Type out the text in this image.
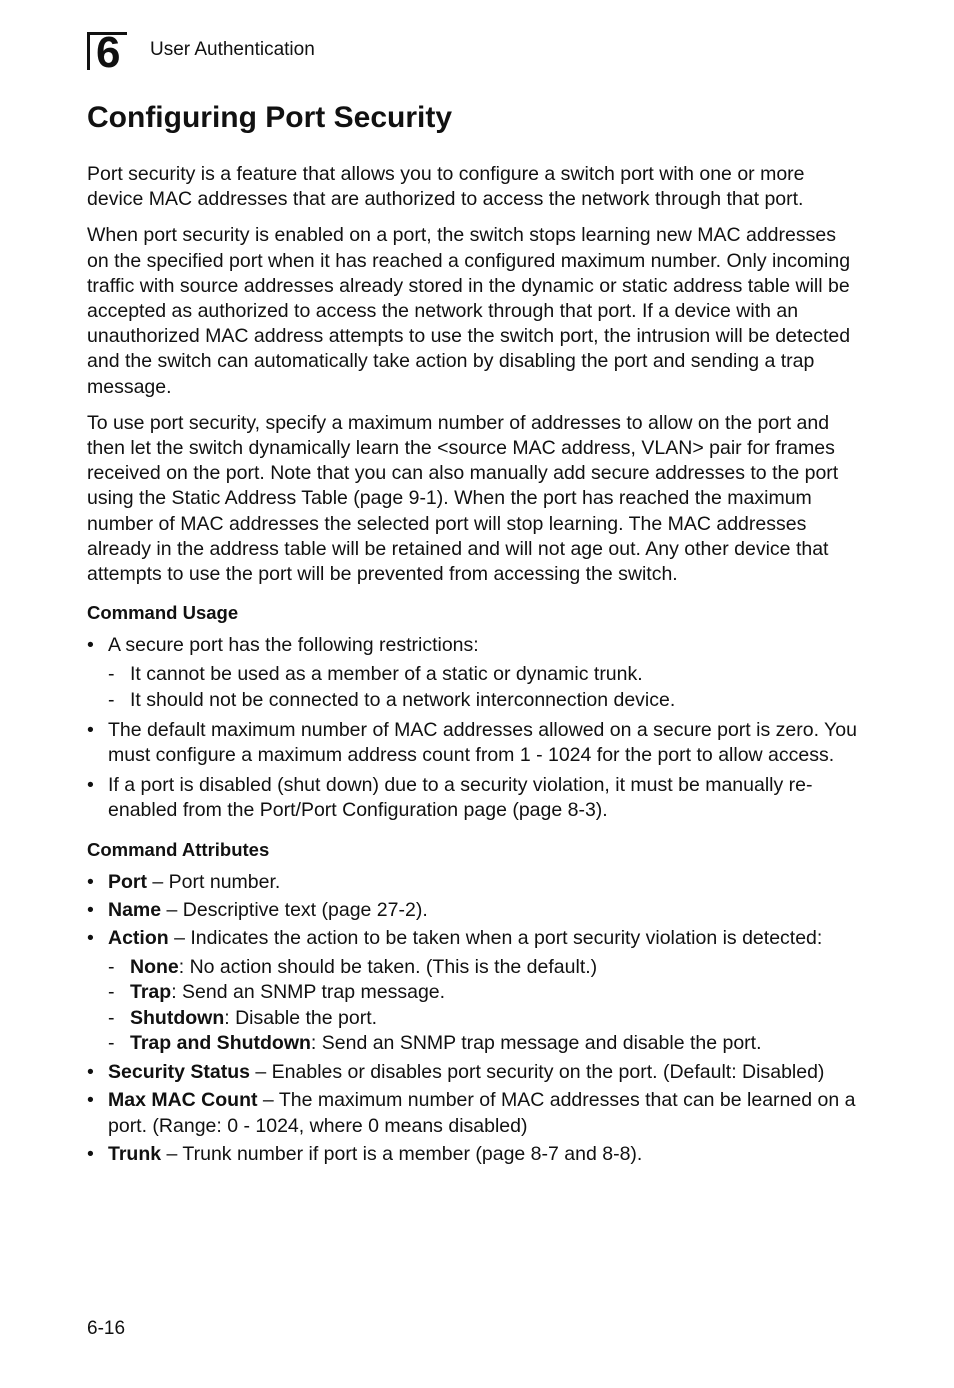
6 User Authentication
Configuring Port Security

Port security is a feature that allows you to configure a switch port with one or more device MAC addresses that are authorized to access the network through that port.

When port security is enabled on a port, the switch stops learning new MAC addresses on the specified port when it has reached a configured maximum number. Only incoming traffic with source addresses already stored in the dynamic or static address table will be accepted as authorized to access the network through that port. If a device with an unauthorized MAC address attempts to use the switch port, the intrusion will be detected and the switch can automatically take action by disabling the port and sending a trap message.

To use port security, specify a maximum number of addresses to allow on the port and then let the switch dynamically learn the <source MAC address, VLAN> pair for frames received on the port. Note that you can also manually add secure addresses to the port using the Static Address Table (page 9-1). When the port has reached the maximum number of MAC addresses the selected port will stop learning. The MAC addresses already in the address table will be retained and will not age out. Any other device that attempts to use the port will be prevented from accessing the switch.

Command Usage
• A secure port has the following restrictions:
- It cannot be used as a member of a static or dynamic trunk.
- It should not be connected to a network interconnection device.
• The default maximum number of MAC addresses allowed on a secure port is zero. You must configure a maximum address count from 1 - 1024 for the port to allow access.
• If a port is disabled (shut down) due to a security violation, it must be manually re-enabled from the Port/Port Configuration page (page 8-3).
Command Attributes
• Port – Port number.
• Name – Descriptive text (page 27-2).
• Action – Indicates the action to be taken when a port security violation is detected:
- None: No action should be taken. (This is the default.)
- Trap: Send an SNMP trap message.
- Shutdown: Disable the port.
- Trap and Shutdown: Send an SNMP trap message and disable the port.
• Security Status – Enables or disables port security on the port. (Default: Disabled)
• Max MAC Count – The maximum number of MAC addresses that can be learned on a port. (Range: 0 - 1024, where 0 means disabled)
• Trunk – Trunk number if port is a member (page 8-7 and 8-8).
6-16
